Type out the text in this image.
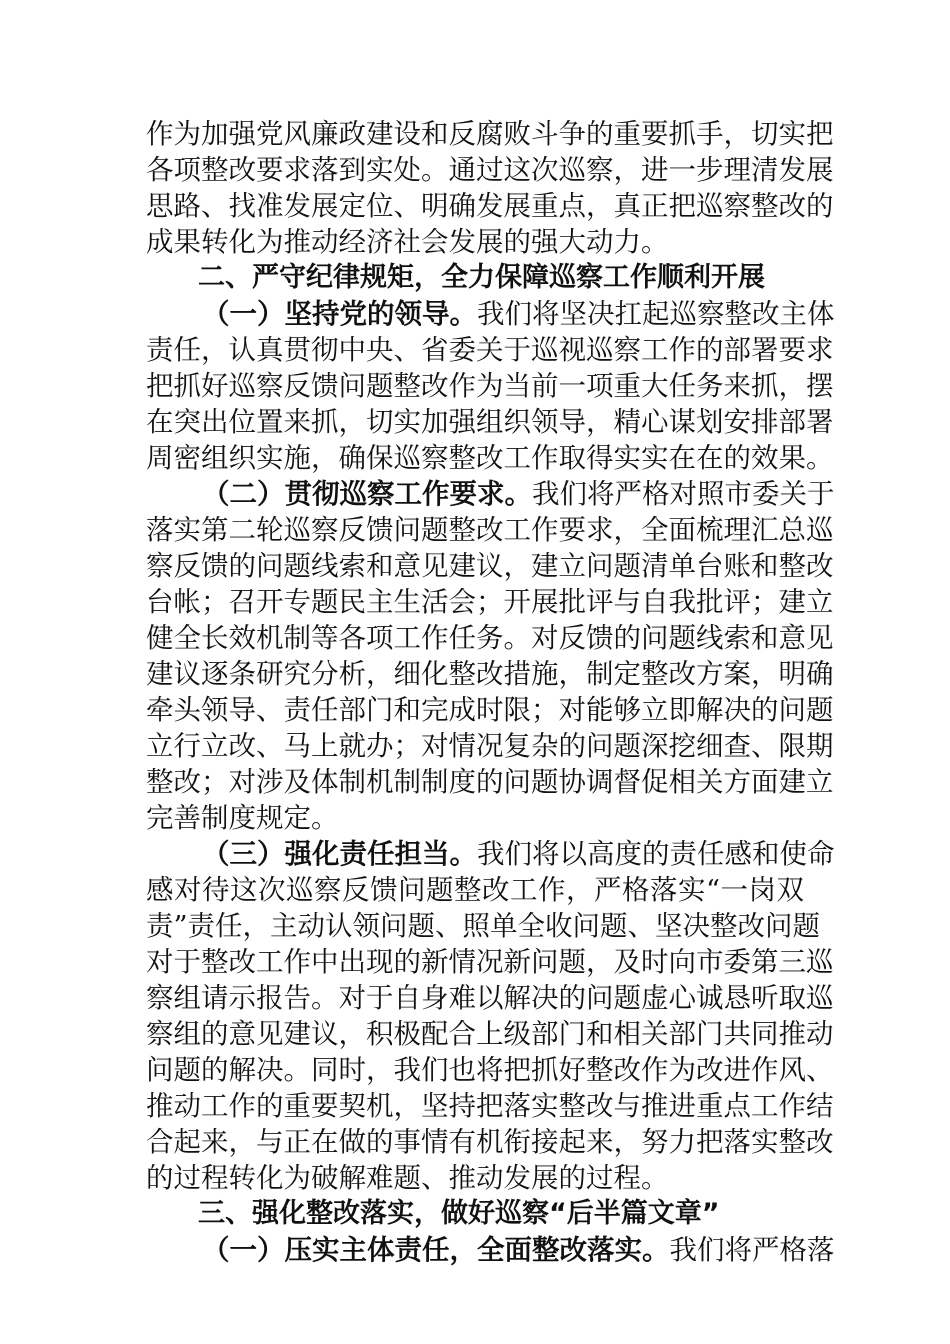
作为加强党风廉政建设和反腐败斗争的重要抓手，切实把
各项整改要求落到实处。通过这次巡察，进一步理清发展
思路、找准发展定位、明确发展重点，真正把巡察整改的
成果转化为推动经济社会发展的强大动力。
二、严守纪律规矩，全力保障巡察工作顺利开展
（一）坚持党的领导。我们将坚决扛起巡察整改主体
责任，认真贯彻中央、省委关于巡视巡察工作的部署要求
把抓好巡察反馈问题整改作为当前一项重大任务来抓，摆
在突出位置来抓，切实加强组织领导，精心谋划安排部署
周密组织实施，确保巡察整改工作取得实实在在的效果。
（二）贯彻巡察工作要求。我们将严格对照市委关于
落实第二轮巡察反馈问题整改工作要求，全面梳理汇总巡
察反馈的问题线索和意见建议，建立问题清单台账和整改
台帐；召开专题民主生活会；开展批评与自我批评；建立
健全长效机制等各项工作任务。对反馈的问题线索和意见
建议逐条研究分析，细化整改措施，制定整改方案，明确
牵头领导、责任部门和完成时限；对能够立即解决的问题
立行立改、马上就办；对情况复杂的问题深挖细查、限期
整改；对涉及体制机制制度的问题协调督促相关方面建立
完善制度规定。
（三）强化责任担当。我们将以高度的责任感和使命
感对待这次巡察反馈问题整改工作，严格落实“一岗双
责”责任，主动认领问题、照单全收问题、坚决整改问题
对于整改工作中出现的新情况新问题，及时向市委第三巡
察组请示报告。对于自身难以解决的问题虚心诚恳听取巡
察组的意见建议，积极配合上级部门和相关部门共同推动
问题的解决。同时，我们也将把抓好整改作为改进作风、
推动工作的重要契机，坚持把落实整改与推进重点工作结
合起来，与正在做的事情有机衔接起来，努力把落实整改
的过程转化为破解难题、推动发展的过程。
三、强化整改落实，做好巡察“后半篇文章”
（一）压实主体责任，全面整改落实。我们将严格落
